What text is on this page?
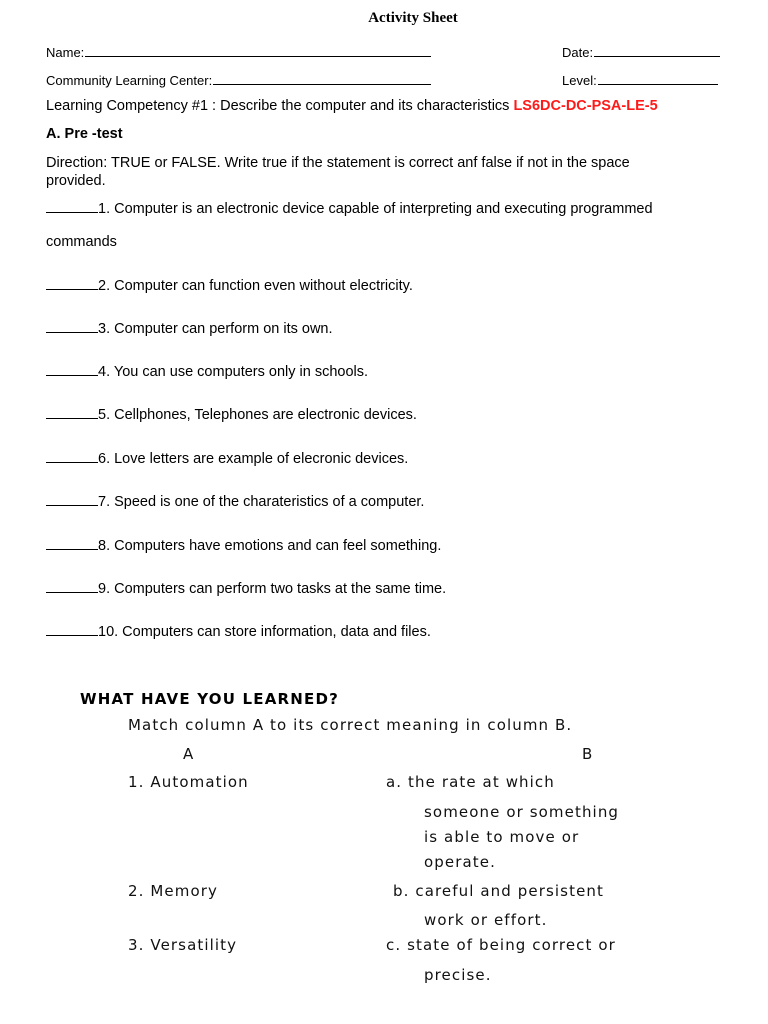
Activity Sheet
Name:	Date:
Community Learning Center:	Level:
Learning Competency #1 : Describe the computer and its characteristics LS6DC-DC-PSA-LE-5
A. Pre -test
Direction: TRUE or FALSE. Write true if the statement is correct anf false if not in the space provided.
1. Computer is an electronic device capable of interpreting and executing programmed
commands
2. Computer can function even without electricity.
3. Computer can perform on its own.
4. You can use computers only in schools.
5. Cellphones, Telephones are electronic devices.
6. Love letters are example of elecronic devices.
7. Speed is one of the charateristics of a computer.
8. Computers have emotions and can feel something.
9. Computers can perform two tasks at the same time.
10. Computers can store information, data and files.
WHAT HAVE YOU LEARNED?
Match column A to its correct meaning in column B.
A	B
1. Automation	a. the rate at which
someone or something
is able to move or
operate.
2. Memory	b. careful and persistent
work or effort.
3. Versatility	c. state of being correct or
precise.
